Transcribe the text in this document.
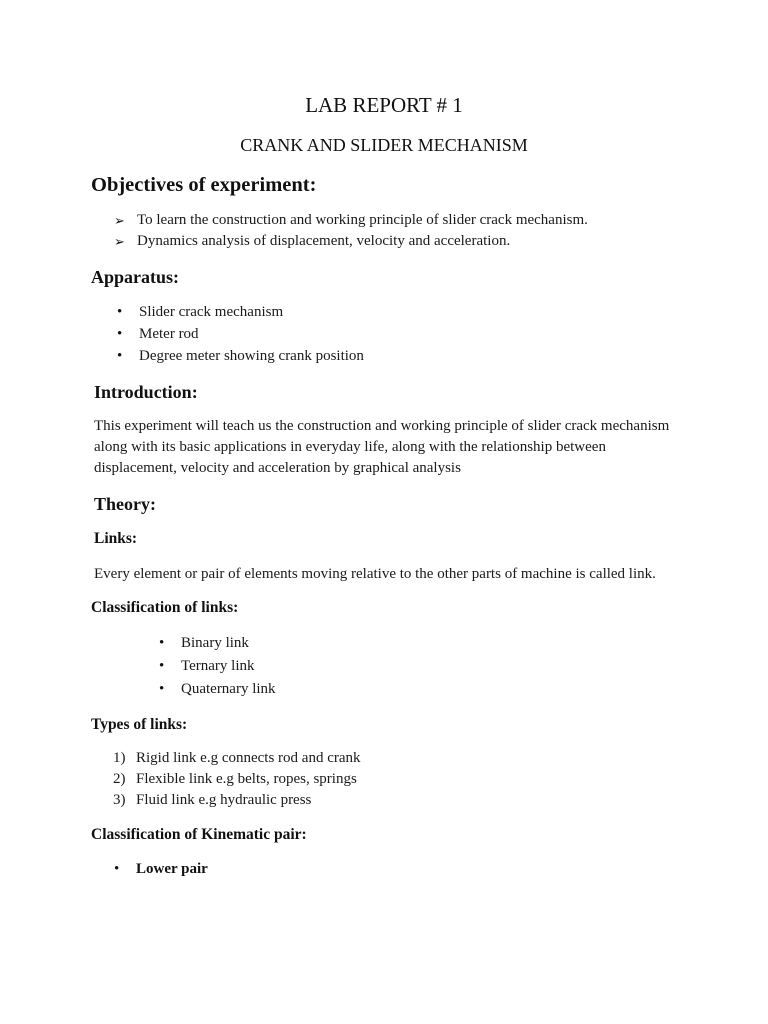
LAB REPORT # 1
CRANK AND SLIDER MECHANISM
Objectives of experiment:
➢ To learn the construction and working principle of slider crack mechanism.
➢ Dynamics analysis of displacement, velocity and acceleration.
Apparatus:
• Slider crack mechanism
• Meter rod
• Degree meter showing crank position
Introduction:
This experiment will teach us the construction and working principle of slider crack mechanism
along with its basic applications in everyday life, along with the relationship between
displacement, velocity and acceleration by graphical analysis
Theory:
Links:
Every element or pair of elements moving relative to the other parts of machine is called link.
Classification of links:
• Binary link
• Ternary link
• Quaternary link
Types of links:
1) Rigid link e.g connects rod and crank
2) Flexible link e.g belts, ropes, springs
3) Fluid link e.g hydraulic press
Classification of Kinematic pair:
• Lower pair
